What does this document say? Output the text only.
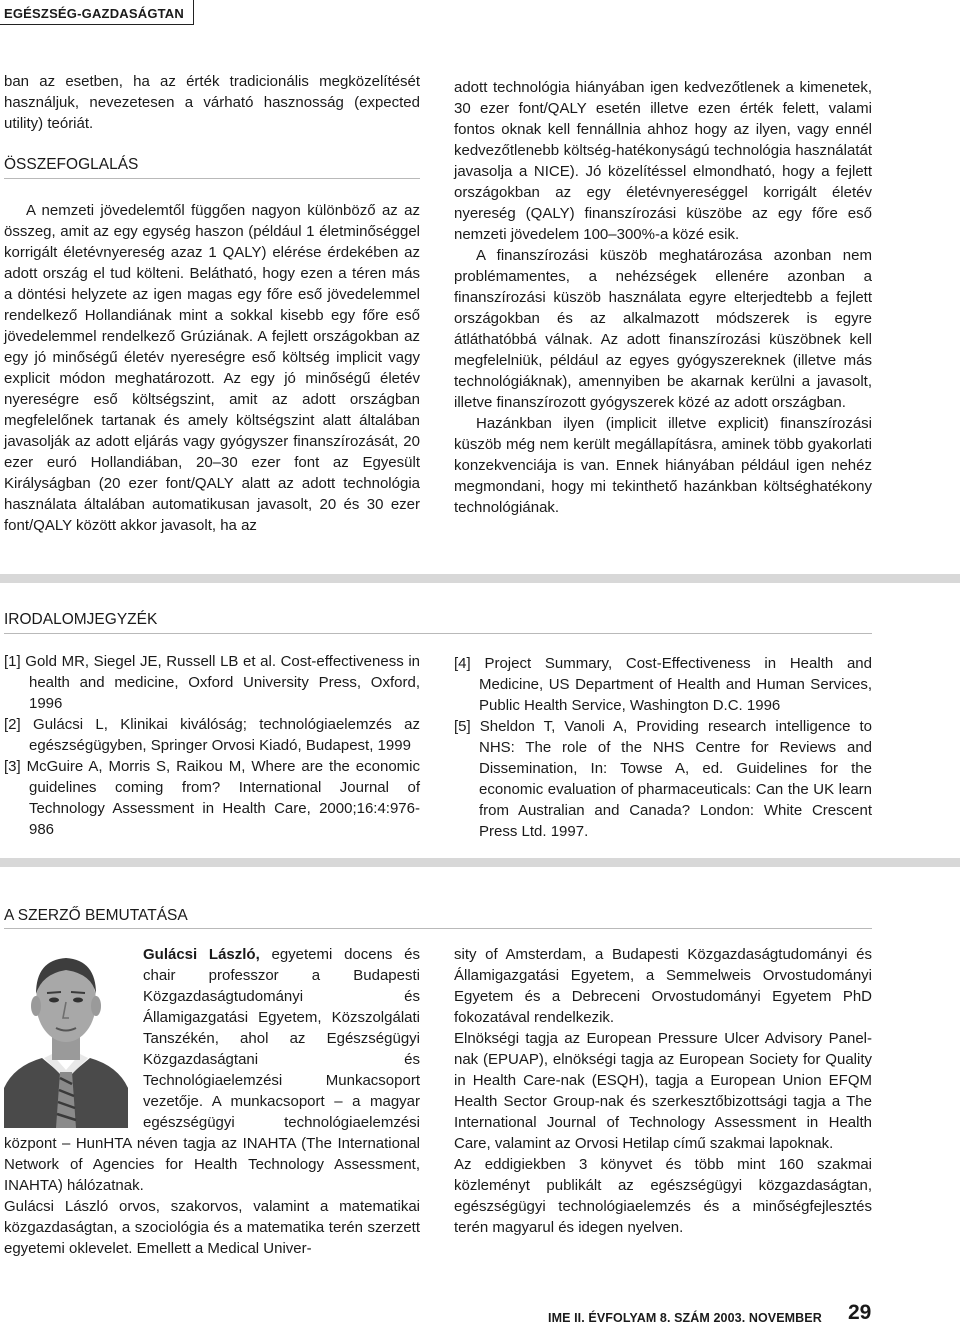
EGÉSZSÉG-GAZDASÁGTAN

ban az esetben, ha az érték tradicionális megközelítését használjuk, nevezetesen a várható hasznosság (expected utility) teóriát.

ÖSSZEFOGLALÁS

A nemzeti jövedelemtől függően nagyon különböző az az összeg, amit az egy egység haszon (például 1 életminőséggel korrigált életévnyereség azaz 1 QALY) elérése érdekében az adott ország el tud költeni. Belátható, hogy ezen a téren más a döntési helyzete az igen magas egy főre eső jövedelemmel rendelkező Hollandiának mint a sokkal kisebb egy főre eső jövedelemmel rendelkező Grúziának. A fejlett országokban az egy jó minőségű életév nyereségre eső költség implicit vagy explicit módon meghatározott. Az egy jó minőségű életév nyereségre eső költségszint, amit az adott országban megfelelőnek tartanak és amely költségszint alatt általában javasolják az adott eljárás vagy gyógyszer finanszírozását, 20 ezer euró Hollandiában, 20–30 ezer font az Egyesült Királyságban (20 ezer font/QALY alatt az adott technológia használata általában automatikusan javasolt, 20 és 30 ezer font/QALY között akkor javasolt, ha az

adott technológia hiányában igen kedvezőtlenek a kimenetek, 30 ezer font/QALY esetén illetve ezen érték felett, valami fontos oknak kell fennállnia ahhoz hogy az ilyen, vagy ennél kedvezőtlenebb költség-hatékonyságú technológia használatát javasolja a NICE). Jó közelítéssel elmondható, hogy a fejlett országokban az egy életévnyereséggel korrigált életév nyereség (QALY) finanszírozási küszöbe az egy főre eső nemzeti jövedelem 100–300%-a közé esik.

A finanszírozási küszöb meghatározása azonban nem problémamentes, a nehézségek ellenére azonban a finanszírozási küszöb használata egyre elterjedtebb a fejlett országokban és az alkalmazott módszerek is egyre átláthatóbbá válnak. Az adott finanszírozási küszöbnek kell megfelelniük, például az egyes gyógyszereknek (illetve más technológiáknak), amennyiben be akarnak kerülni a javasolt, illetve finanszírozott gyógyszerek közé az adott országban.

Hazánkban ilyen (implicit illetve explicit) finanszírozási küszöb még nem került megállapításra, aminek több gyakorlati konzekvenciája is van. Ennek hiányában például igen nehéz megmondani, hogy mi tekinthető hazánkban költséghatékony technológiának.

IRODALOMJEGYZÉK

[1] Gold MR, Siegel JE, Russell LB et al. Cost-effectiveness in health and medicine, Oxford University Press, Oxford, 1996

[2] Gulácsi L, Klinikai kiválóság; technológiaelemzés az egészségügyben, Springer Orvosi Kiadó, Budapest, 1999

[3] McGuire A, Morris S, Raikou M, Where are the economic guidelines coming from? International Journal of Technology Assessment in Health Care, 2000;16:4:976-986

[4] Project Summary, Cost-Effectiveness in Health and Medicine, US Department of Health and Human Services, Public Health Service, Washington D.C. 1996

[5] Sheldon T, Vanoli A, Providing research intelligence to NHS: The role of the NHS Centre for Reviews and Dissemination, In: Towse A, ed. Guidelines for the economic evaluation of pharmaceuticals: Can the UK learn from Australian and Canada? London: White Crescent Press Ltd. 1997.

A SZERZŐ BEMUTATÁSA

Gulácsi László, egyetemi docens és chair professzor a Budapesti Közgazdaságtudományi és Államigazgatási Egyetem, Közszolgálati Tanszékén, ahol az Egészségügyi Közgazdaságtani és Technológiaelemzési Munkacsoport vezetője. A munkacsoport – a magyar egészségügyi technológiaelemzési központ – HunHTA néven tagja az INAHTA (The International Network of Agencies for Health Technology Assessment, INAHTA) hálózatnak.

Gulácsi László orvos, szakorvos, valamint a matematikai közgazdaságtan, a szociológia és a matematika terén szerzett egyetemi oklevelet. Emellett a Medical Univer-

sity of Amsterdam, a Budapesti Közgazdaságtudományi és Államigazgatási Egyetem, a Semmelweis Orvostudományi Egyetem és a Debreceni Orvostudományi Egyetem PhD fokozatával rendelkezik.

Elnökségi tagja az European Pressure Ulcer Advisory Panel-nak (EPUAP), elnökségi tagja az European Society for Quality in Health Care-nak (ESQH), tagja a European Union EFQM Health Sector Group-nak és szerkesztőbizottsági tagja a The International Journal of Technology Assessment in Health Care, valamint az Orvosi Hetilap című szakmai lapoknak.

Az eddigiekben 3 könyvet és több mint 160 szakmai közleményt publikált az egészségügyi közgazdaságtan, egészségügyi technológiaelemzés és a minőségfejlesztés terén magyarul és idegen nyelven.

IME II. ÉVFOLYAM 8. SZÁM 2003. NOVEMBER 29
